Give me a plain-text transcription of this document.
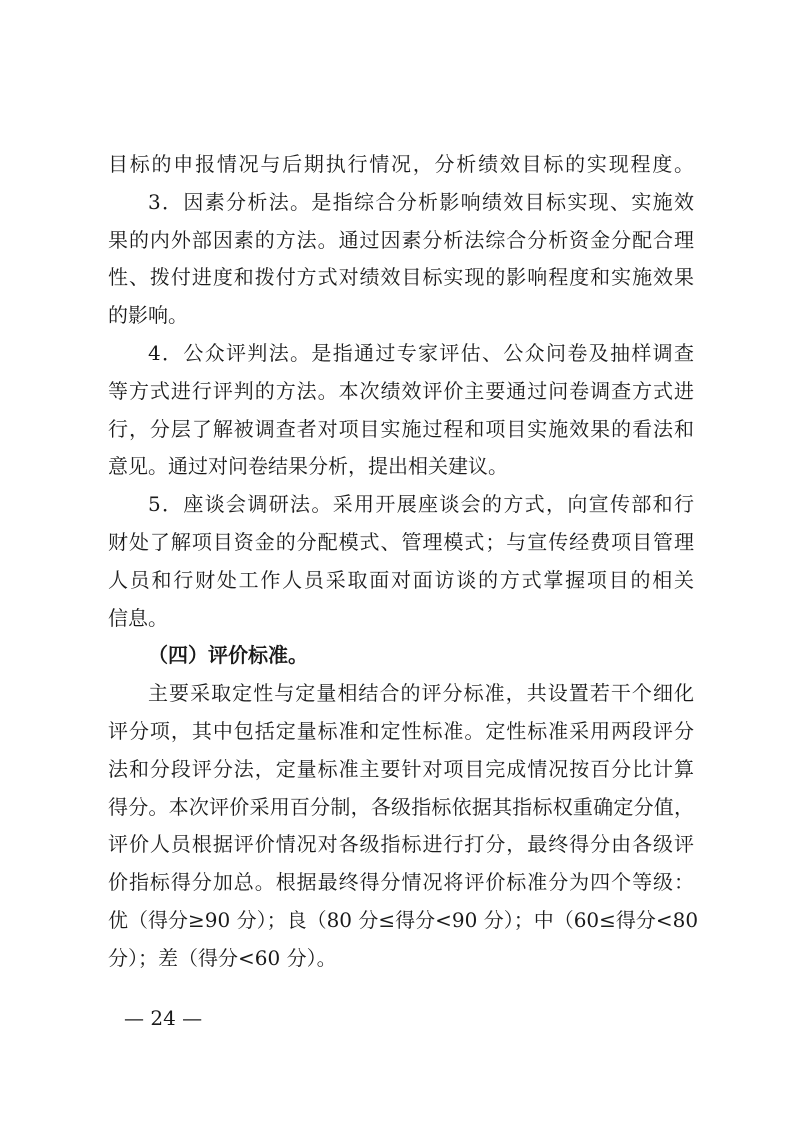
目标的申报情况与后期执行情况，分析绩效目标的实现程度。
3．因素分析法。是指综合分析影响绩效目标实现、实施效
果的内外部因素的方法。通过因素分析法综合分析资金分配合理
性、拨付进度和拨付方式对绩效目标实现的影响程度和实施效果
的影响。
4．公众评判法。是指通过专家评估、公众问卷及抽样调查
等方式进行评判的方法。本次绩效评价主要通过问卷调查方式进
行，分层了解被调查者对项目实施过程和项目实施效果的看法和
意见。通过对问卷结果分析，提出相关建议。
5．座谈会调研法。采用开展座谈会的方式，向宣传部和行
财处了解项目资金的分配模式、管理模式；与宣传经费项目管理
人员和行财处工作人员采取面对面访谈的方式掌握项目的相关
信息。
（四）评价标准。
主要采取定性与定量相结合的评分标准，共设置若干个细化
评分项，其中包括定量标准和定性标准。定性标准采用两段评分
法和分段评分法，定量标准主要针对项目完成情况按百分比计算
得分。本次评价采用百分制，各级指标依据其指标权重确定分值，
评价人员根据评价情况对各级指标进行打分，最终得分由各级评
价指标得分加总。根据最终得分情况将评价标准分为四个等级：
优（得分≥90 分）；良（80 分≤得分<90 分）；中（60≤得分<80
分）；差（得分<60 分）。
— 24 —
